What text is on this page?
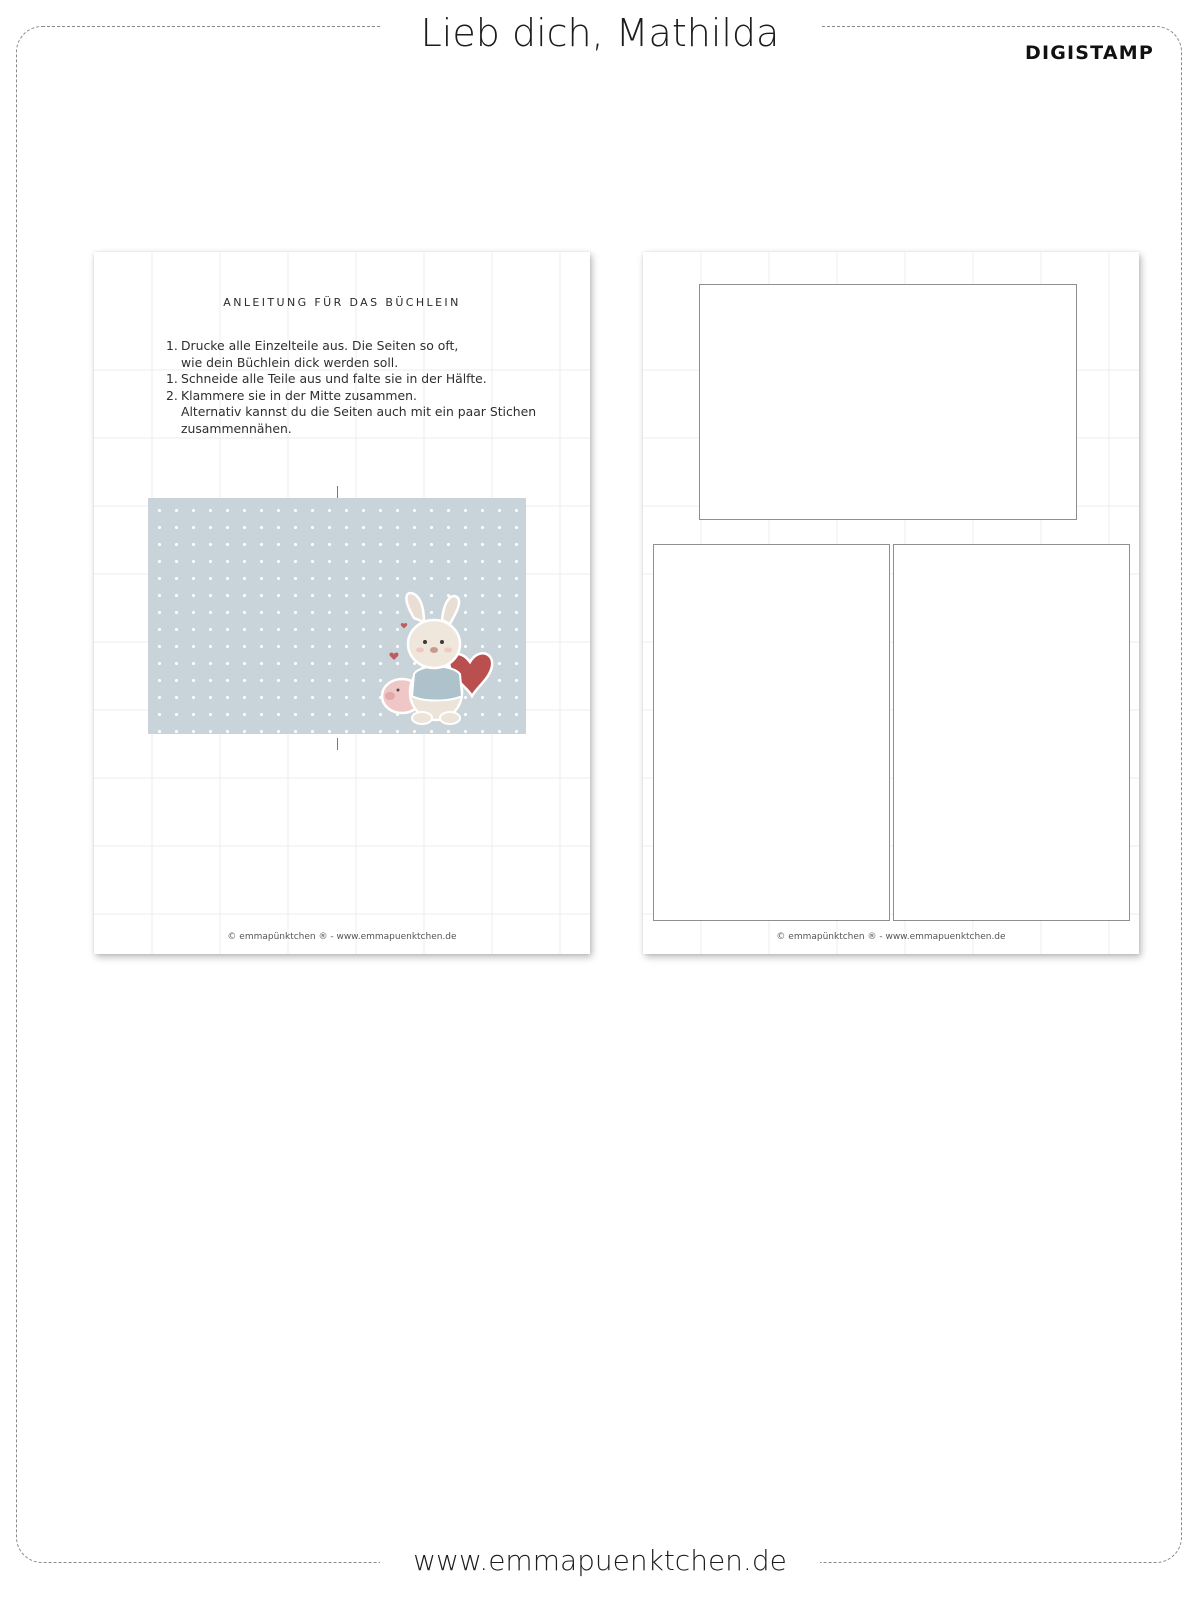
Lieb dich, Mathilda	DIGISTAMP
ANLEITUNG FÜR DAS BÜCHLEIN
1. Drucke alle Einzelteile aus. Die Seiten so oft,
wie dein Büchlein dick werden soll.
1. Schneide alle Teile aus und falte sie in der Hälfte.
2. Klammere sie in der Mitte zusammen.
Alternativ kannst du die Seiten auch mit ein paar Stichen
zusammennähen.
© emmapünktchen ® - www.emmapuenktchen.de	© emmapünktchen ® - www.emmapuenktchen.de
www.emmapuenktchen.de
